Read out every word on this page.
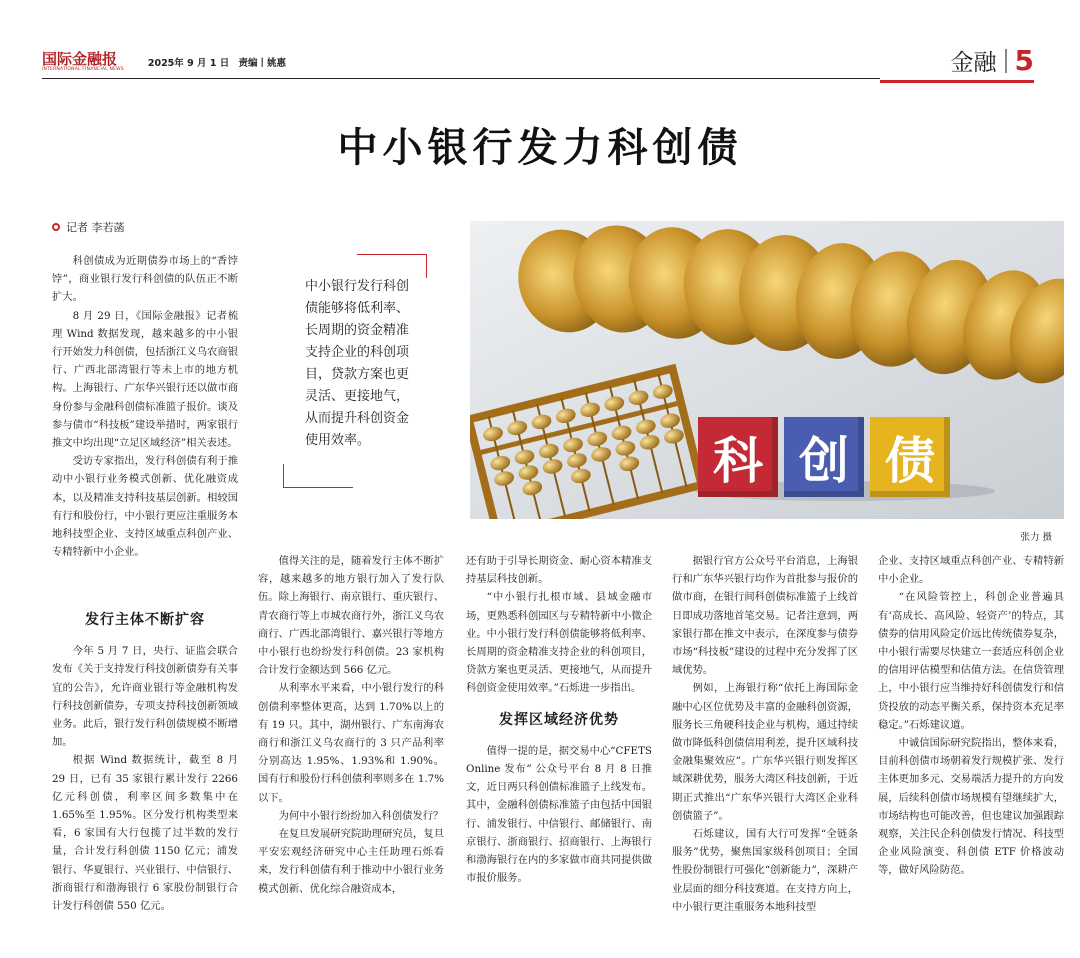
国际金融报
INTERNATIONAL FINANCIAL NEWS
2025年 9 月 1 日 责编丨姚惠	金融 5
中小银行发力科创债
记者 李若菡

科创债成为近期债券市场上的“香饽饽”，商业银行发行科创债的队伍正不断扩大。

8 月 29 日，《国际金融报》记者梳理 Wind 数据发现，越来越多的中小银行开始发力科创债，包括浙江义乌农商银行、广西北部湾银行等未上市的地方机构。上海银行、广东华兴银行还以做市商身份参与金融科创债标准篮子报价。谈及参与债市“科技板”建设举措时，两家银行推文中均出现“立足区域经济”相关表述。

受访专家指出，发行科创债有利于推动中小银行业务模式创新、优化融资成本，以及精准支持科技基层创新。相较国有行和股份行，中小银行更应注重服务本地科技型企业、支持区域重点科创产业、专精特新中小企业。

发行主体不断扩容

今年 5 月 7 日，央行、证监会联合发布《关于支持发行科技创新债券有关事宜的公告》，允许商业银行等金融机构发行科技创新债券，专项支持科技创新领域业务。此后，银行发行科创债规模不断增加。

根据 Wind 数据统计，截至 8 月 29 日，已有 35 家银行累计发行 2266 亿元科创债，利率区间多数集中在 1.65%至 1.95%。区分发行机构类型来看，6 家国有大行包揽了过半数的发行量，合计发行科创债 1150 亿元；浦发银行、华夏银行、兴业银行、中信银行、浙商银行和渤海银行 6 家股份制银行合计发行科创债 550 亿元。

中小银行发行科创债能够将低利率、长周期的资金精准支持企业的科创项目，贷款方案也更灵活、更接地气，从而提升科创资金使用效率。	科 创 债
张力 摄

值得关注的是，随着发行主体不断扩容，越来越多的地方银行加入了发行队伍。除上海银行、南京银行、重庆银行、青农商行等上市城农商行外，浙江义乌农商行、广西北部湾银行、嘉兴银行等地方中小银行也纷纷发行科创债。23 家机构合计发行金额达到 566 亿元。

从利率水平来看，中小银行发行的科创债利率整体更高，达到 1.70%以上的有 19 只。其中，湖州银行、广东南海农商行和浙江义乌农商行的 3 只产品利率分别高达 1.95%、1.93%和 1.90%。国有行和股份行科创债利率则多在 1.7%以下。

为何中小银行纷纷加入科创债发行？

在复旦发展研究院助理研究员，复旦平安宏观经济研究中心主任助理石烁看来，发行科创债有利于推动中小银行业务模式创新、优化综合融资成本，

还有助于引导长期资金、耐心资本精准支持基层科技创新。

“中小银行扎根市域、县域金融市场，更熟悉科创园区与专精特新中小微企业。中小银行发行科创债能够将低利率、长周期的资金精准支持企业的科创项目，贷款方案也更灵活、更接地气，从而提升科创资金使用效率。”石烁进一步指出。

发挥区域经济优势

值得一提的是，据交易中心“CFETS Online 发布” 公众号平台 8 月 8 日推文，近日两只科创债标准篮子上线发布。其中，金融科创债标准篮子由包括中国银行、浦发银行、中信银行、邮储银行、南京银行、浙商银行、招商银行、上海银行和渤海银行在内的多家做市商共同提供做市报价服务。

据银行官方公众号平台消息，上海银行和广东华兴银行均作为首批参与报价的做市商，在银行间科创债标准篮子上线首日即成功落地首笔交易。记者注意到，两家银行都在推文中表示，在深度参与债券市场“科技板”建设的过程中充分发挥了区域优势。

例如，上海银行称“依托上海国际金融中心区位优势及丰富的金融科创资源，服务长三角硬科技企业与机构，通过持续做市降低科创债信用利差，提升区域科技金融集聚效应”。广东华兴银行则发挥区域深耕优势，服务大湾区科技创新，于近期正式推出“广东华兴银行大湾区企业科创债篮子”。

石烁建议，国有大行可发挥“全链条服务”优势，聚焦国家级科创项目；全国性股份制银行可强化“创新能力”，深耕产业层面的细分科技赛道。在支持方向上，中小银行更注重服务本地科技型

企业、支持区域重点科创产业、专精特新中小企业。

“在风险管控上，科创企业普遍具有‘高成长、高风险、轻资产’的特点，其债券的信用风险定价远比传统债券复杂，中小银行需要尽快建立一套适应科创企业的信用评估模型和估值方法。在信贷管理上，中小银行应当维持好科创债发行和信贷投放的动态平衡关系，保持资本充足率稳定。”石烁建议道。

中诚信国际研究院指出，整体来看，目前科创债市场朝着发行规模扩张、发行主体更加多元、交易端活力提升的方向发展，后续科创债市场规模有望继续扩大，市场结构也可能改善，但也建议加强跟踪观察，关注民企科创债发行情况、科技型企业风险演变、科创债 ETF 价格波动等，做好风险防范。
